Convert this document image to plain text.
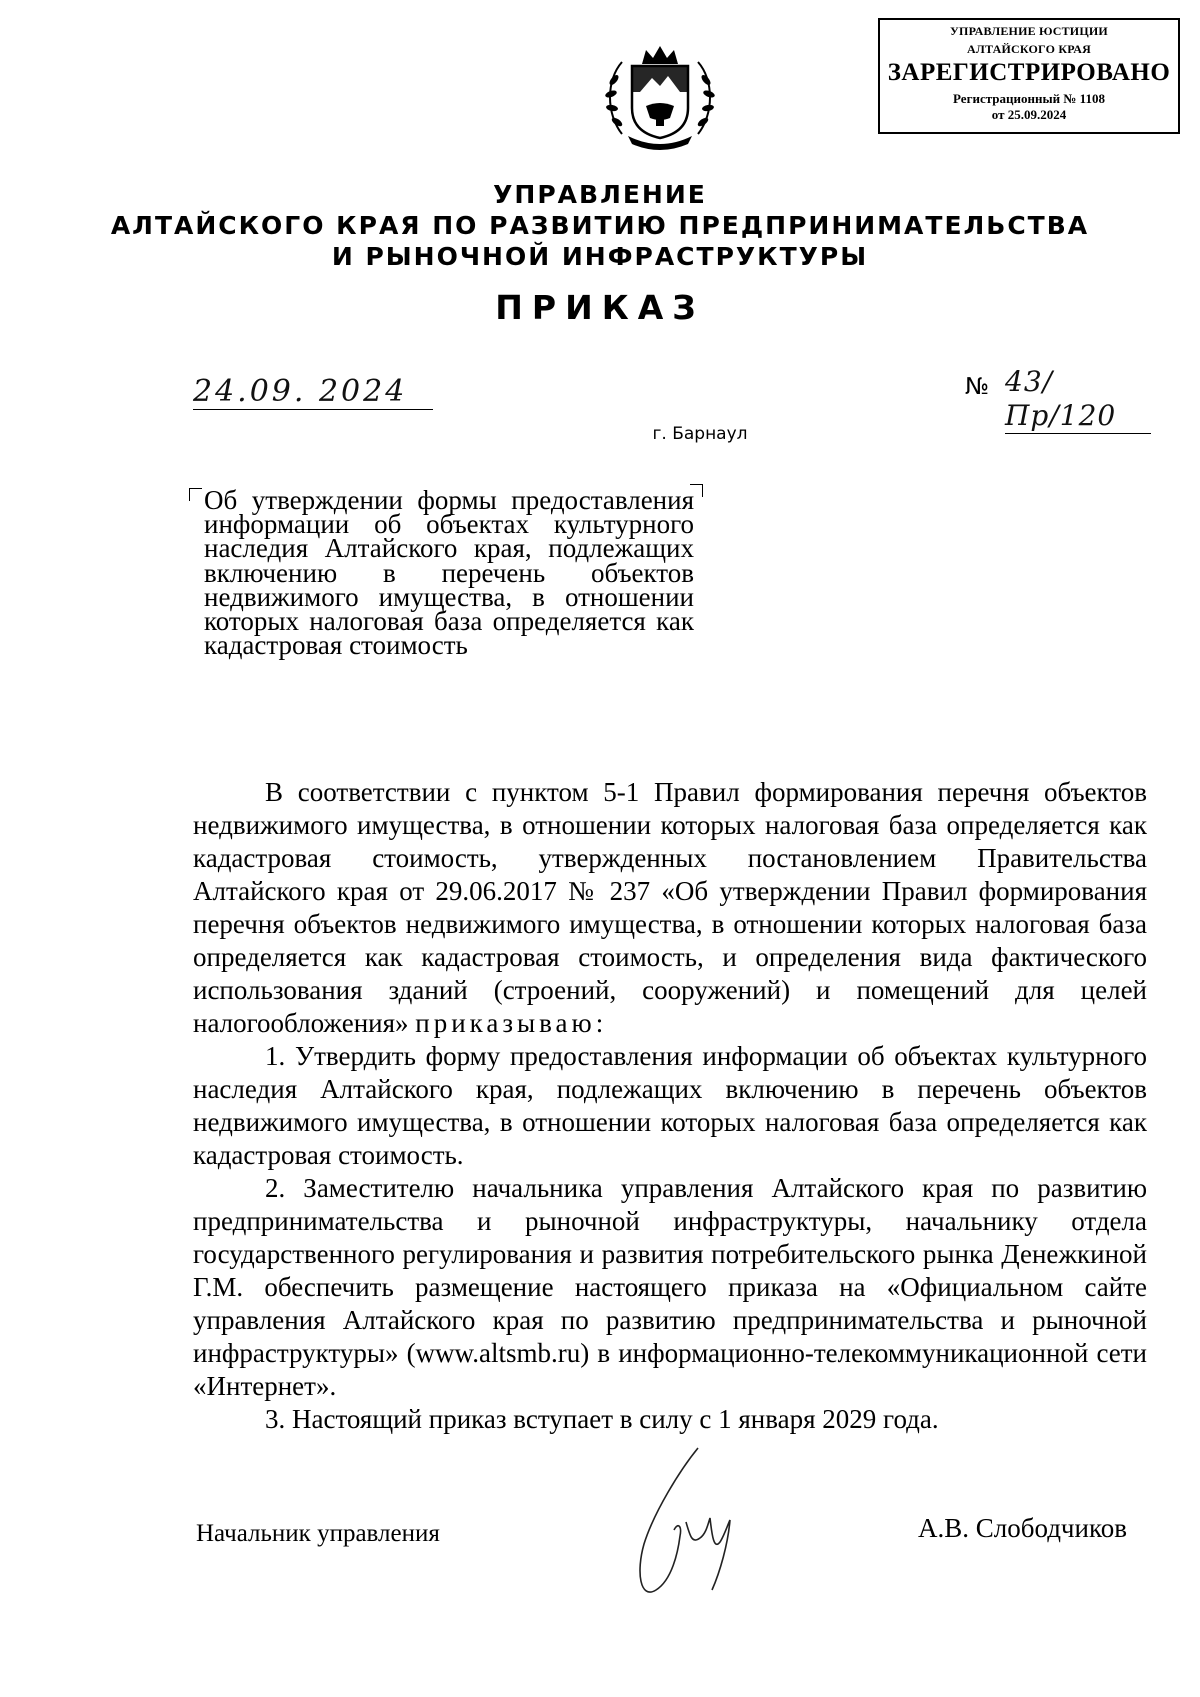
УПРАВЛЕНИЕ ЮСТИЦИИ
АЛТАЙСКОГО КРАЯ
ЗАРЕГИСТРИРОВАНО
Регистрационный № 1108
от 25.09.2024
УПРАВЛЕНИЕ
АЛТАЙСКОГО КРАЯ ПО РАЗВИТИЮ ПРЕДПРИНИМАТЕЛЬСТВА
И РЫНОЧНОЙ ИНФРАСТРУКТУРЫ
ПРИКАЗ
24.09. 2024	№ 43/Пр/120
г. Барнаул
Об утверждении формы предоставления информации об объектах культурного наследия Алтайского края, подлежащих включению в перечень объектов недвижимого имущества, в отношении которых налоговая база определяется как кадастровая стоимость

В соответствии с пунктом 5-1 Правил формирования перечня объектов недвижимого имущества, в отношении которых налоговая база определяется как кадастровая стоимость, утвержденных постановлением Правительства Алтайского края от 29.06.2017 № 237 «Об утверждении Правил формирования перечня объектов недвижимого имущества, в отношении которых налоговая база определяется как кадастровая стоимость, и определения вида фактического использования зданий (строений, сооружений) и помещений для целей налогообложения» приказываю:

1. Утвердить форму предоставления информации об объектах культурного наследия Алтайского края, подлежащих включению в перечень объектов недвижимого имущества, в отношении которых налоговая база определяется как кадастровая стоимость.

2. Заместителю начальника управления Алтайского края по развитию предпринимательства и рыночной инфраструктуры, начальнику отдела государственного регулирования и развития потребительского рынка Денежкиной Г.М. обеспечить размещение настоящего приказа на «Официальном сайте управления Алтайского края по развитию предпринимательства и рыночной инфраструктуры» (www.altsmb.ru) в информационно-телекоммуникационной сети «Интернет».

3. Настоящий приказ вступает в силу с 1 января 2029 года.

Начальник управления	А.В. Слободчиков
